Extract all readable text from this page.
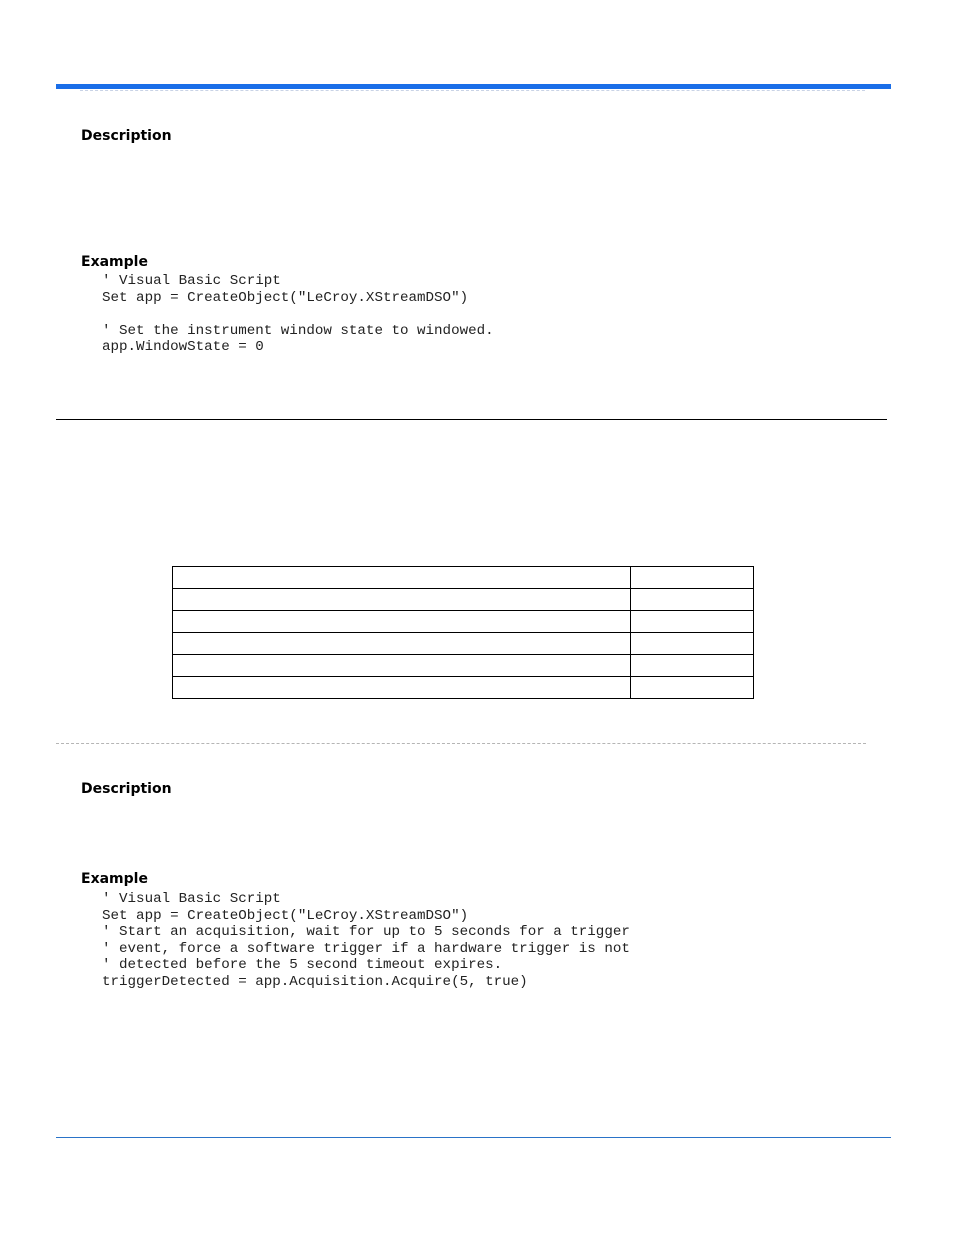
Description
Example
' Visual Basic Script
Set app = CreateObject("LeCroy.XStreamDSO")

' Set the instrument window state to windowed.
app.WindowState = 0

Description
Example
' Visual Basic Script
Set app = CreateObject("LeCroy.XStreamDSO")
' Start an acquisition, wait for up to 5 seconds for a trigger
' event, force a software trigger if a hardware trigger is not
' detected before the 5 second timeout expires.
triggerDetected = app.Acquisition.Acquire(5, true)
